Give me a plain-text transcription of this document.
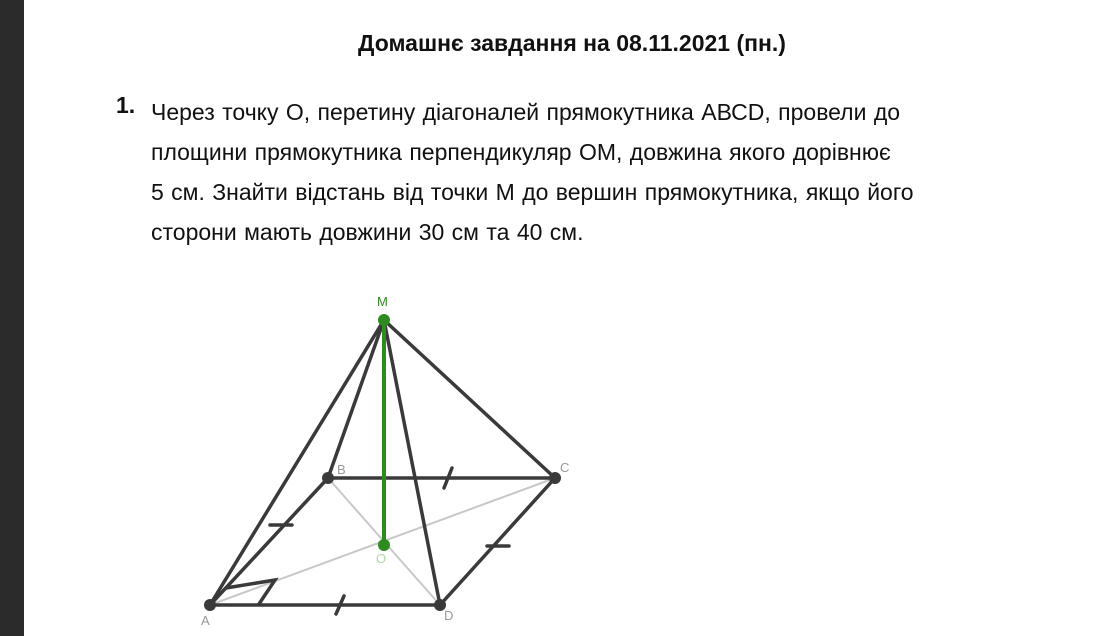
Домашнє завдання на 08.11.2021 (пн.)
1. Через точку О, перетину діагоналей прямокутника АВСD, провели до
площини прямокутника перпендикуляр ОМ, довжина якого дорівнює
5 см. Знайти відстань від точки М до вершин прямокутника, якщо його
сторони мають довжини 30 см та 40 см.
M
B	C
O
A	D
